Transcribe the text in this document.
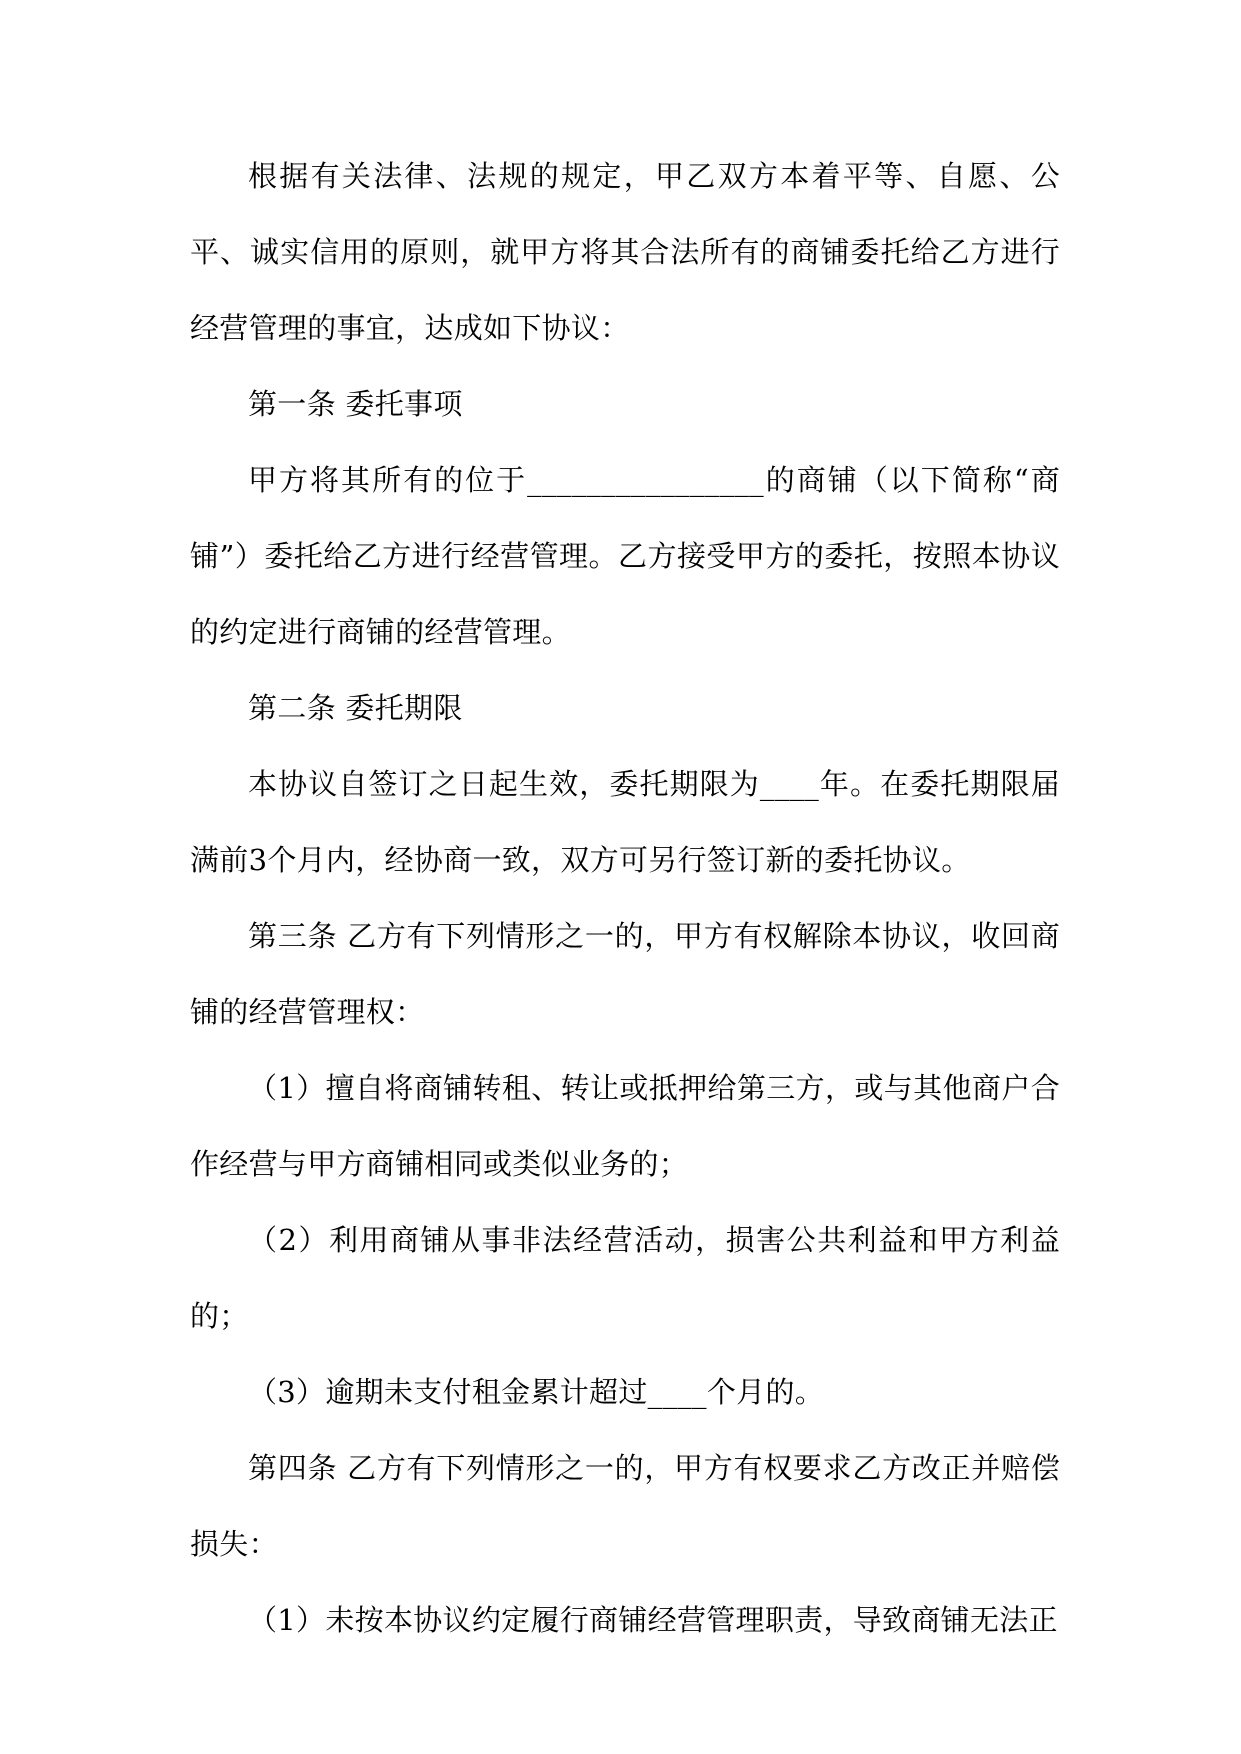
根据有关法律、法规的规定，甲乙双方本着平等、自愿、公平、诚实信用的原则，就甲方将其合法所有的商铺委托给乙方进行经营管理的事宜，达成如下协议：

第一条 委托事项

甲方将其所有的位于________________的商铺（以下简称“商铺”）委托给乙方进行经营管理。乙方接受甲方的委托，按照本协议的约定进行商铺的经营管理。

第二条 委托期限

本协议自签订之日起生效，委托期限为____年。在委托期限届满前3个月内，经协商一致，双方可另行签订新的委托协议。

第三条 乙方有下列情形之一的，甲方有权解除本协议，收回商铺的经营管理权：

（1）擅自将商铺转租、转让或抵押给第三方，或与其他商户合作经营与甲方商铺相同或类似业务的；

（2）利用商铺从事非法经营活动，损害公共利益和甲方利益的；

（3）逾期未支付租金累计超过____个月的。

第四条 乙方有下列情形之一的，甲方有权要求乙方改正并赔偿损失：

（1）未按本协议约定履行商铺经营管理职责，导致商铺无法正
